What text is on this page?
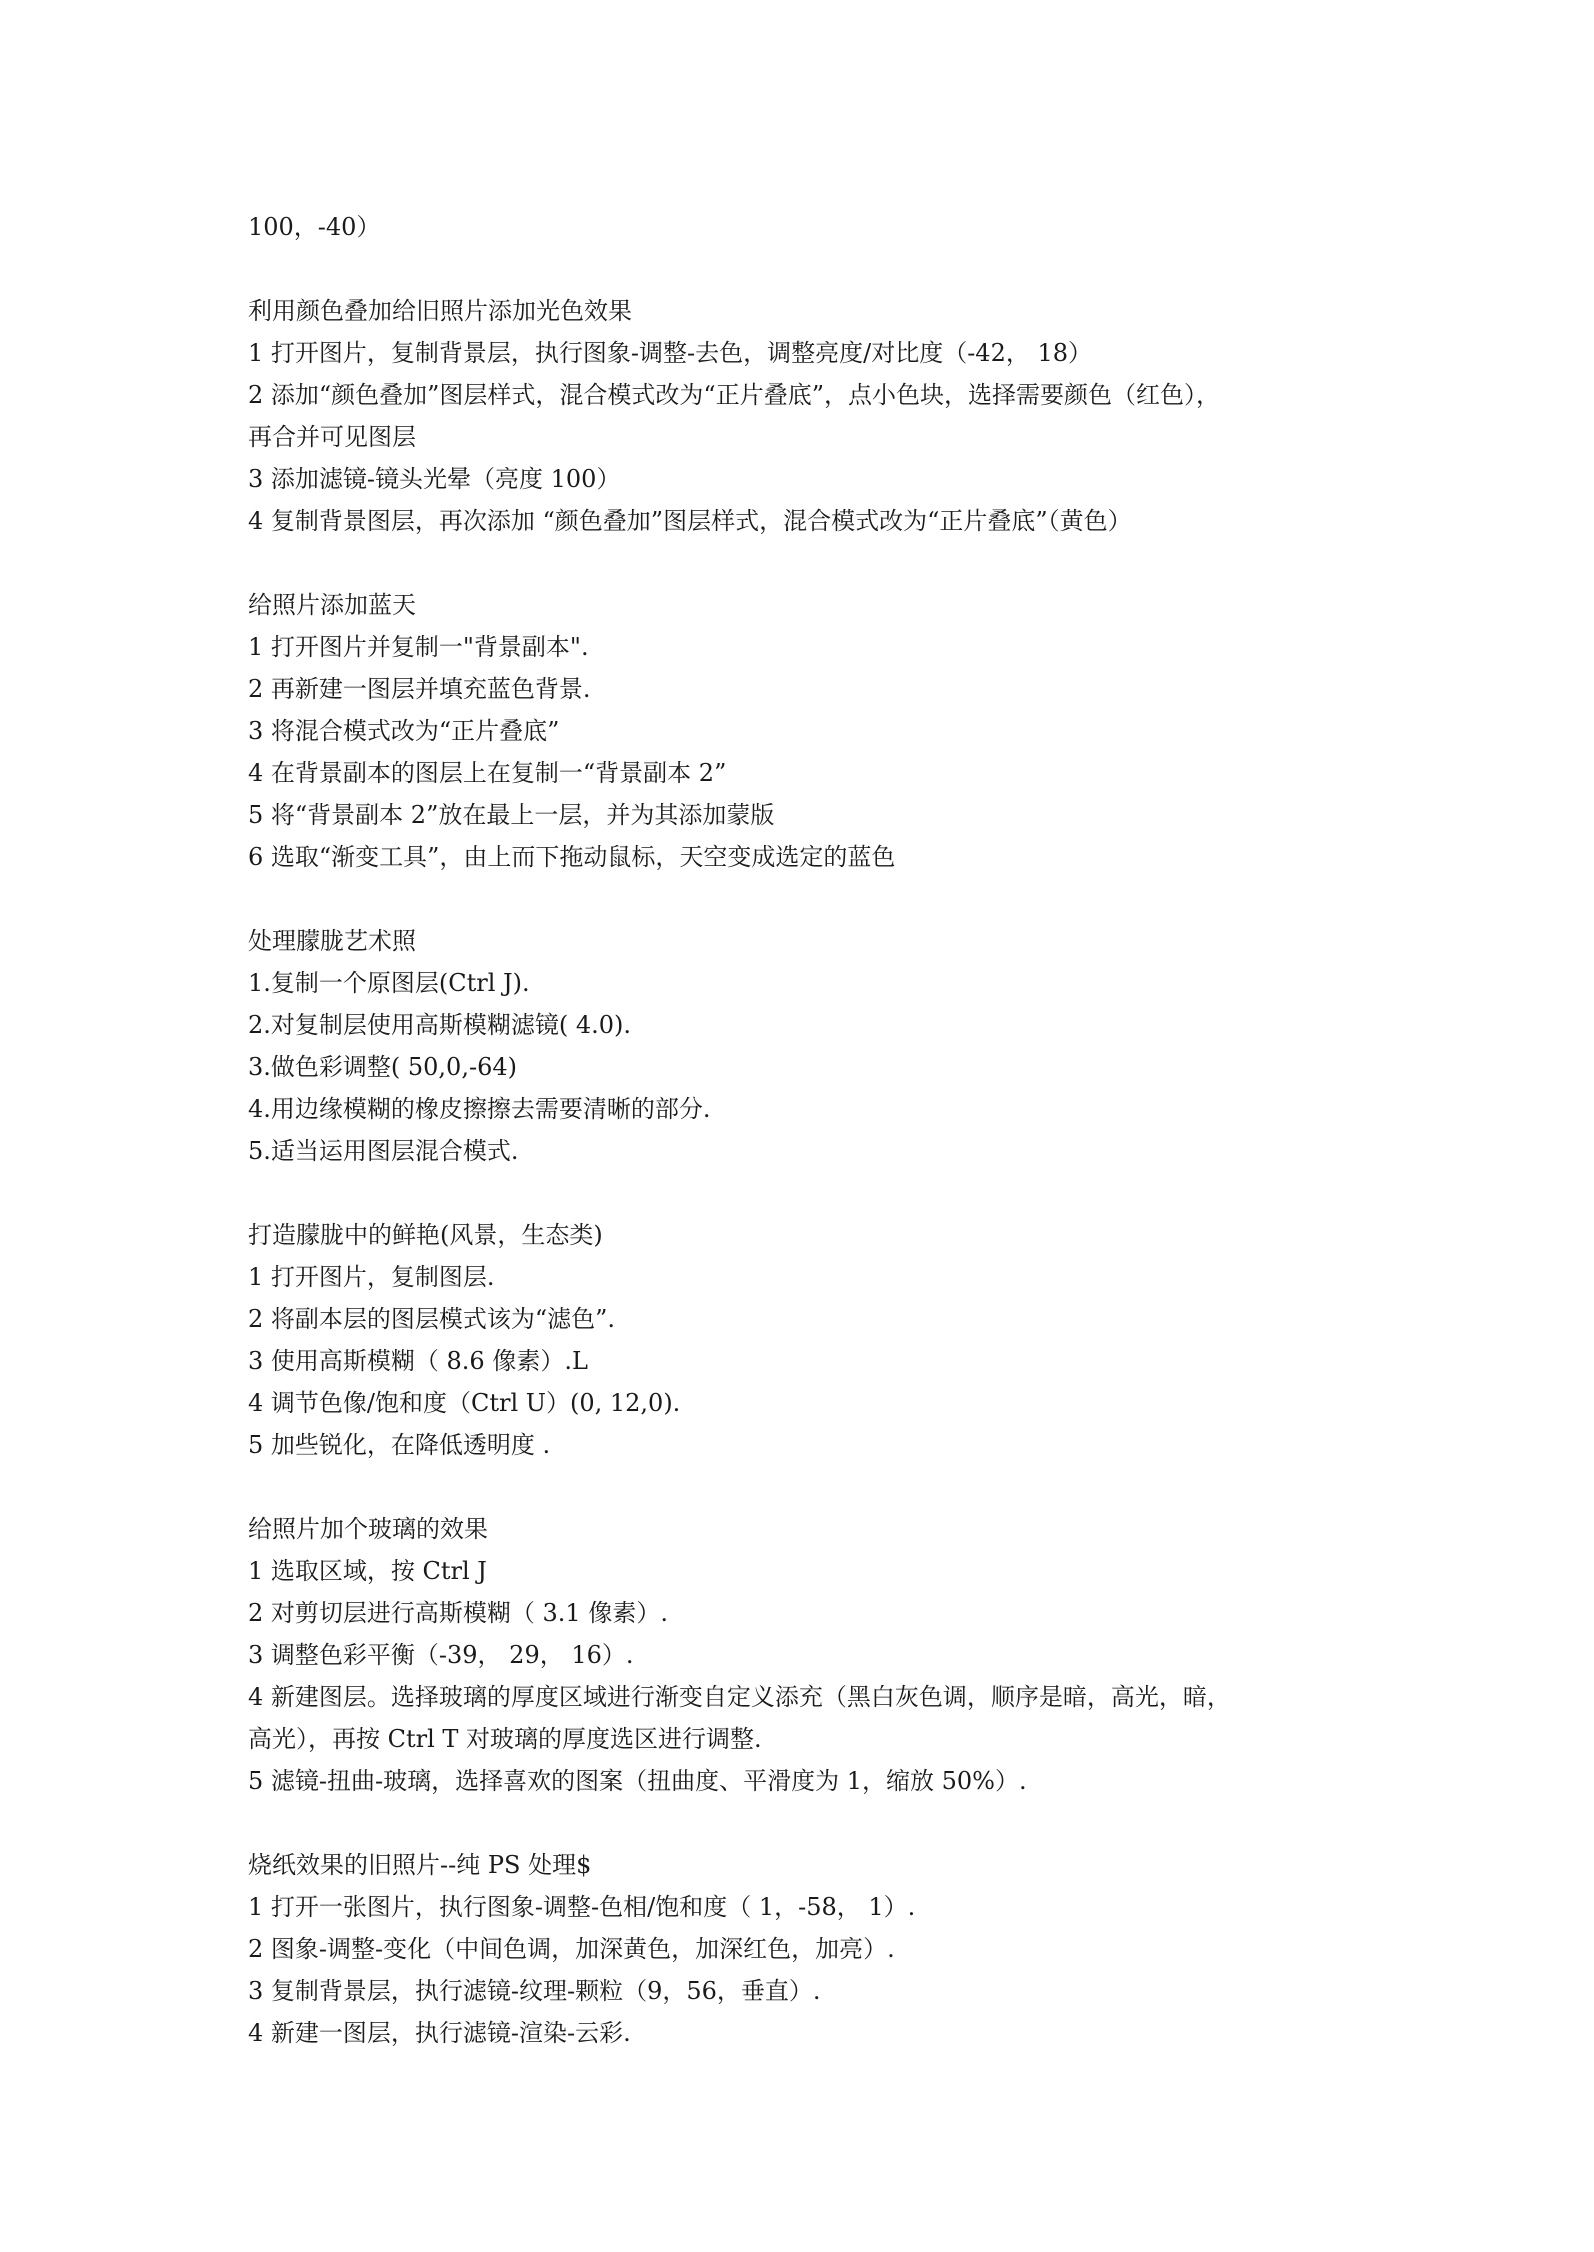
100，-40）
利用颜色叠加给旧照片添加光色效果
1 打开图片，复制背景层，执行图象-调整-去色，调整亮度/对比度（-42， 18）
2 添加“颜色叠加”图层样式，混合模式改为“正片叠底”，点小色块，选择需要颜色（红色），
再合并可见图层
3 添加滤镜-镜头光晕（亮度 100）
4 复制背景图层，再次添加 “颜色叠加”图层样式，混合模式改为“正片叠底”（黄色）
给照片添加蓝天
1 打开图片并复制一"背景副本".
2 再新建一图层并填充蓝色背景.
3 将混合模式改为“正片叠底”
4 在背景副本的图层上在复制一“背景副本 2”
5 将“背景副本 2”放在最上一层，并为其添加蒙版
6 选取“渐变工具”，由上而下拖动鼠标，天空变成选定的蓝色
处理朦胧艺术照
1.复制一个原图层(Ctrl J).
2.对复制层使用高斯模糊滤镜( 4.0).
3.做色彩调整( 50,0,-64)
4.用边缘模糊的橡皮擦擦去需要清晰的部分.
5.适当运用图层混合模式.
打造朦胧中的鲜艳(风景，生态类)
1 打开图片，复制图层.
2 将副本层的图层模式该为“滤色”.
3 使用高斯模糊（ 8.6 像素）.L
4 调节色像/饱和度（Ctrl U）(0, 12,0).
5 加些锐化，在降低透明度 .
给照片加个玻璃的效果
1 选取区域，按 Ctrl J
2 对剪切层进行高斯模糊（ 3.1 像素）.
3 调整色彩平衡（-39， 29， 16）.
4 新建图层。选择玻璃的厚度区域进行渐变自定义添充（黑白灰色调，顺序是暗，高光，暗，
高光），再按 Ctrl T 对玻璃的厚度选区进行调整.
5 滤镜-扭曲-玻璃，选择喜欢的图案（扭曲度、平滑度为 1，缩放 50%）.
烧纸效果的旧照片--纯 PS 处理$
1 打开一张图片，执行图象-调整-色相/饱和度（ 1，-58， 1）.
2 图象-调整-变化（中间色调，加深黄色，加深红色，加亮）.
3 复制背景层，执行滤镜-纹理-颗粒（9，56，垂直）.
4 新建一图层，执行滤镜-渲染-云彩.
